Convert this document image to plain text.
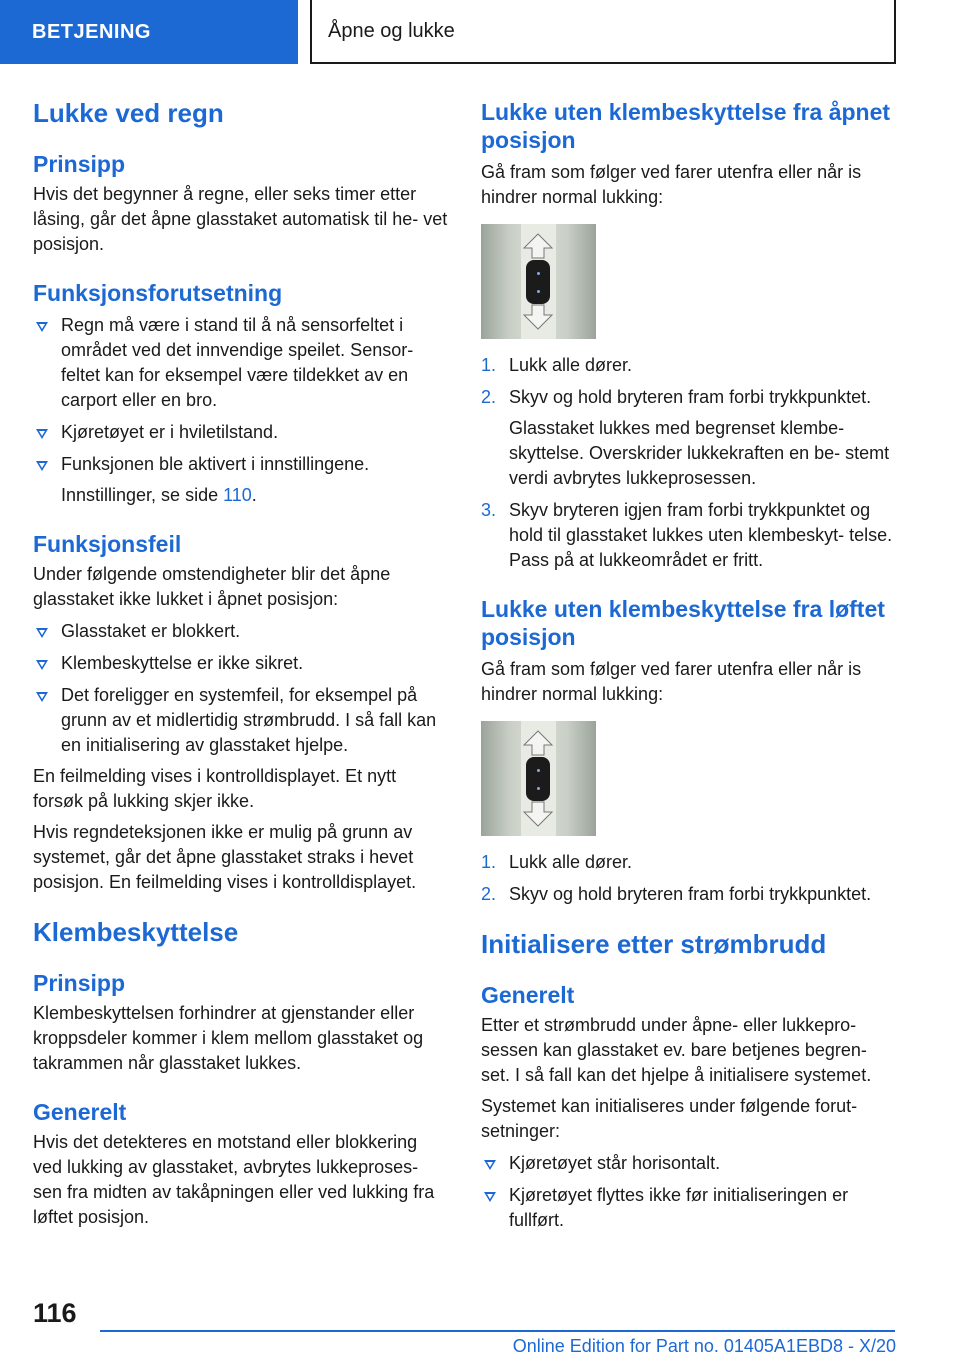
BETJENING	Åpne og lukke
Lukke ved regn
Prinsipp

Hvis det begynner å regne, eller seks timer etter låsing, går det åpne glasstaket automatisk til he- vet posisjon.

Funksjonsforutsetning
Regn må være i stand til å nå sensorfeltet i området ved det innvendige speilet. Sensor- feltet kan for eksempel være tildekket av en carport eller en bro.
Kjøretøyet er i hviletilstand.
Funksjonen ble aktivert i innstillingene.

Innstillinger, se side 110.

Funksjonsfeil

Under følgende omstendigheter blir det åpne glasstaket ikke lukket i åpnet posisjon:

Glasstaket er blokkert.
Klembeskyttelse er ikke sikret.
Det foreligger en systemfeil, for eksempel på grunn av et midlertidig strømbrudd. I så fall kan en initialisering av glasstaket hjelpe.

En feilmelding vises i kontrolldisplayet. Et nytt forsøk på lukking skjer ikke.

Hvis regndeteksjonen ikke er mulig på grunn av systemet, går det åpne glasstaket straks i hevet posisjon. En feilmelding vises i kontrolldisplayet.

Klembeskyttelse
Prinsipp

Klembeskyttelsen forhindrer at gjenstander eller kroppsdeler kommer i klem mellom glasstaket og takrammen når glasstaket lukkes.

Generelt

Hvis det detekteres en motstand eller blokkering ved lukking av glasstaket, avbrytes lukkeproses- sen fra midten av takåpningen eller ved lukking fra løftet posisjon.

Lukke uten klembeskyttelse fra åpnet posisjon

Gå fram som følger ved farer utenfra eller når is hindrer normal lukking:

1. Lukk alle dører.
2. Skyv og hold bryteren fram forbi trykkpunktet.

Glasstaket lukkes med begrenset klembe- skyttelse. Overskrider lukkekraften en be- stemt verdi avbrytes lukkeprosessen.

3. Skyv bryteren igjen fram forbi trykkpunktet og hold til glasstaket lukkes uten klembeskyt- telse. Pass på at lukkeområdet er fritt.
Lukke uten klembeskyttelse fra løftet posisjon

Gå fram som følger ved farer utenfra eller når is hindrer normal lukking:

1. Lukk alle dører.
2. Skyv og hold bryteren fram forbi trykkpunktet.
Initialisere etter strømbrudd
Generelt

Etter et strømbrudd under åpne- eller lukkepro- sessen kan glasstaket ev. bare betjenes begren- set. I så fall kan det hjelpe å initialisere systemet.

Systemet kan initialiseres under følgende forut- setninger:

Kjøretøyet står horisontalt.
Kjøretøyet flyttes ikke før initialiseringen er fullført.
116
Online Edition for Part no. 01405A1EBD8 - X/20
